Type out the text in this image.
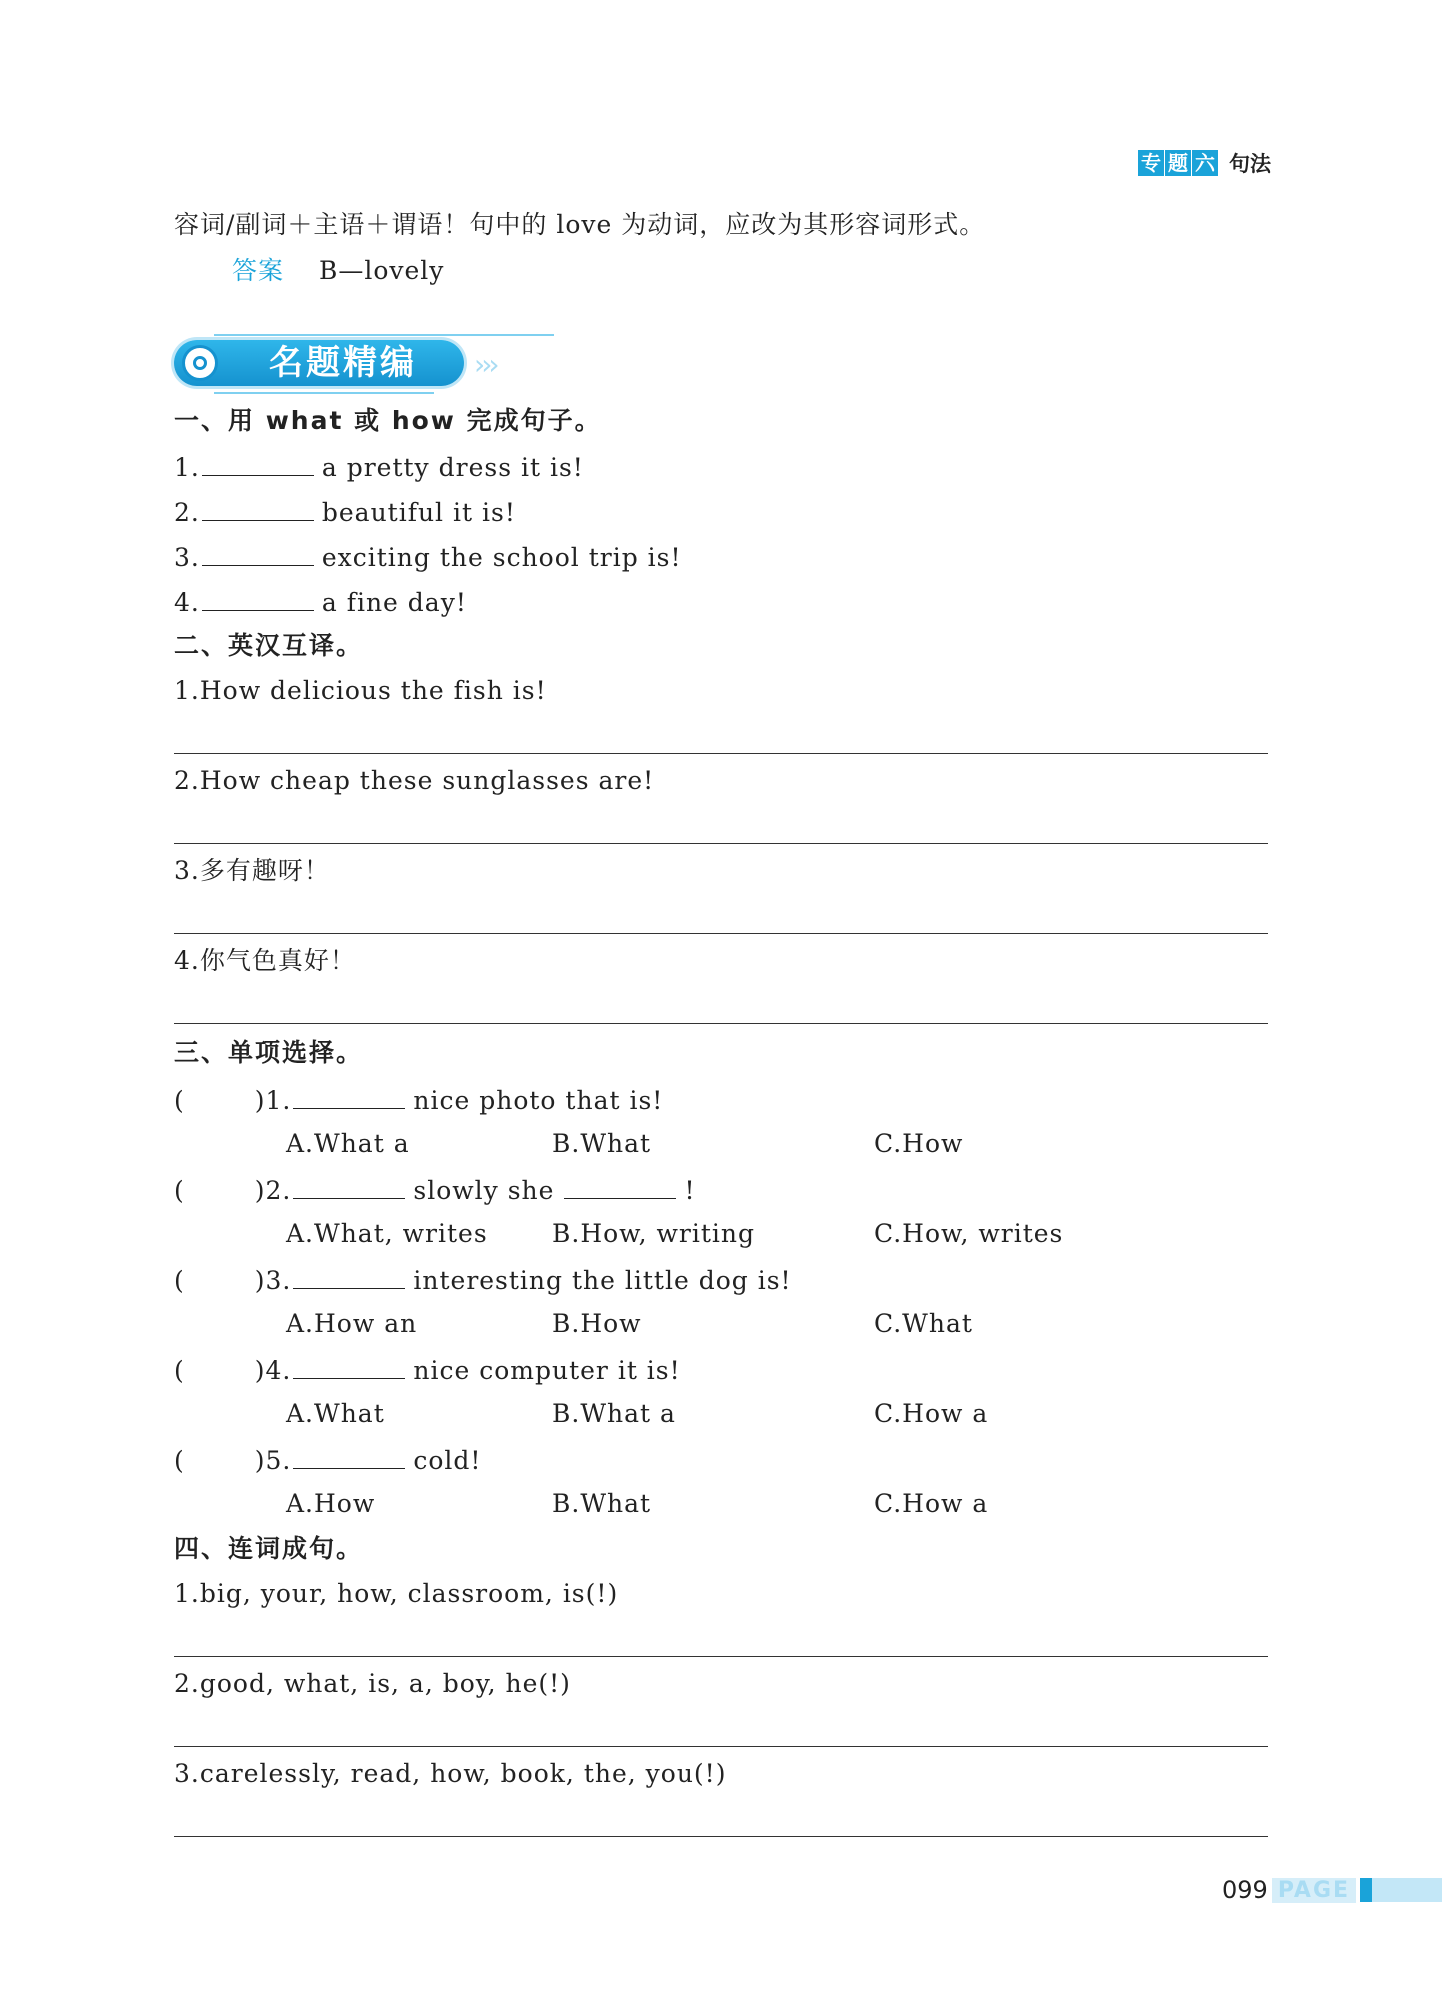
专 题 六 句法
容词/副词＋主语＋谓语！句中的 love 为动词，应改为其形容词形式。
答案 B—lovely
名题精编 ›››
一、用 what 或 how 完成句子。
1.	a pretty dress it is!
2.	beautiful it is!
3.	exciting the school trip is!
4.	a fine day!
二、英汉互译。
1.How delicious the fish is!
2.How cheap these sunglasses are!
3.多有趣呀！
4.你气色真好！
三、单项选择。
(	)1.	nice photo that is!
A.What a	B.What	C.How
(	)2.	slowly she	!
A.What, writes	B.How, writing	C.How, writes
(	)3.	interesting the little dog is!
A.How an	B.How	C.What
(	)4.	nice computer it is!
A.What	B.What a	C.How a
(	)5.	cold!
A.How	B.What	C.How a
四、连词成句。
1.big, your, how, classroom, is(!)
2.good, what, is, a, boy, he(!)
3.carelessly, read, how, book, the, you(!)
099 PAGE
